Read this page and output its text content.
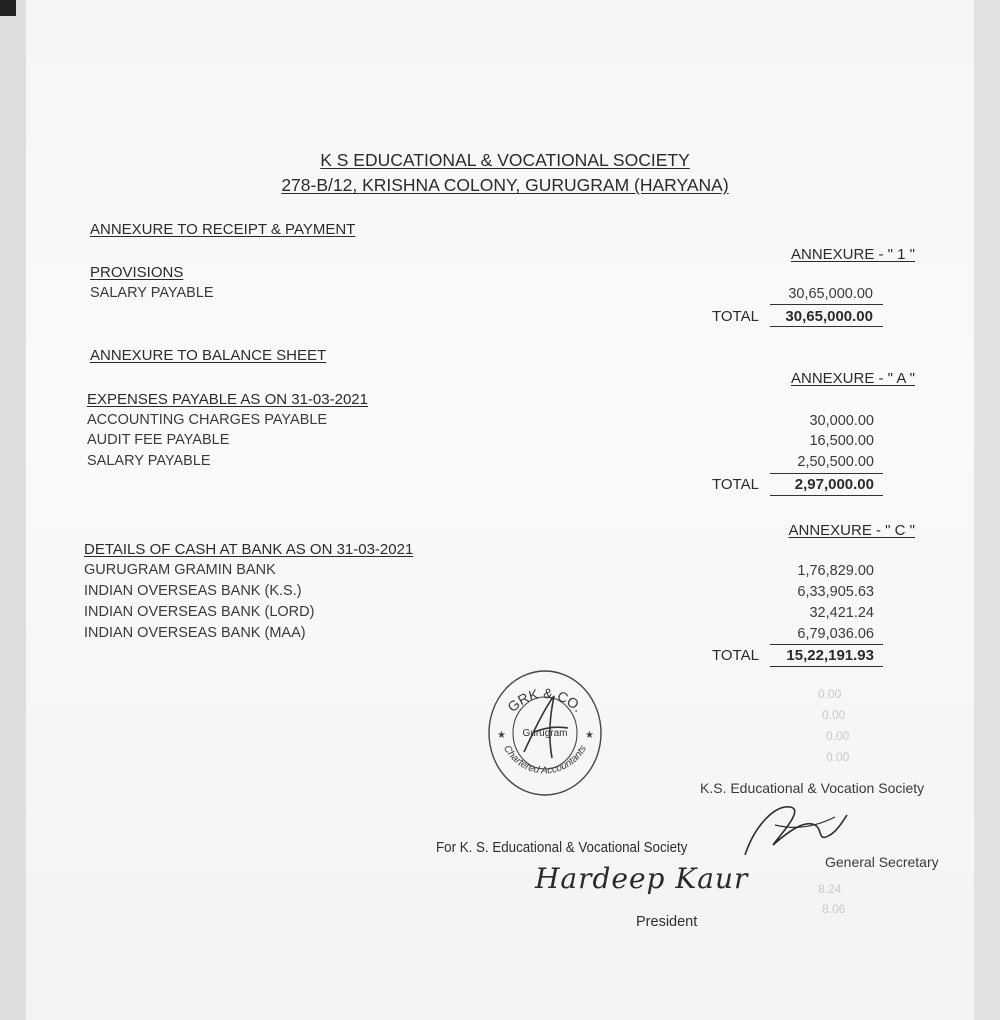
K S EDUCATIONAL & VOCATIONAL SOCIETY
278-B/12, KRISHNA COLONY, GURUGRAM (HARYANA)
ANNEXURE TO RECEIPT & PAYMENT
ANNEXURE - " 1 "
PROVISIONS
SALARY PAYABLE	30,65,000.00
TOTAL 30,65,000.00
ANNEXURE TO BALANCE SHEET
ANNEXURE - " A "
EXPENSES PAYABLE AS ON 31-03-2021
ACCOUNTING CHARGES PAYABLE	30,000.00
AUDIT FEE PAYABLE	16,500.00
SALARY PAYABLE	2,50,500.00
TOTAL 2,97,000.00
ANNEXURE - " C "
DETAILS OF CASH AT BANK AS ON 31-03-2021
GURUGRAM GRAMIN BANK	1,76,829.00
INDIAN OVERSEAS BANK (K.S.)	6,33,905.63
INDIAN OVERSEAS BANK (LORD)	32,421.24
INDIAN OVERSEAS BANK (MAA)	6,79,036.06
TOTAL 15,22,191.93
0.00
0.00
0.00
0.00
8.24
8.06
GRK & CO.
Chartered Accountants
Gurugram
★	★
K.S. Educational & Vocation Society
General Secretary
For K. S. Educational & Vocational Society
Hardeep Kaur
President
